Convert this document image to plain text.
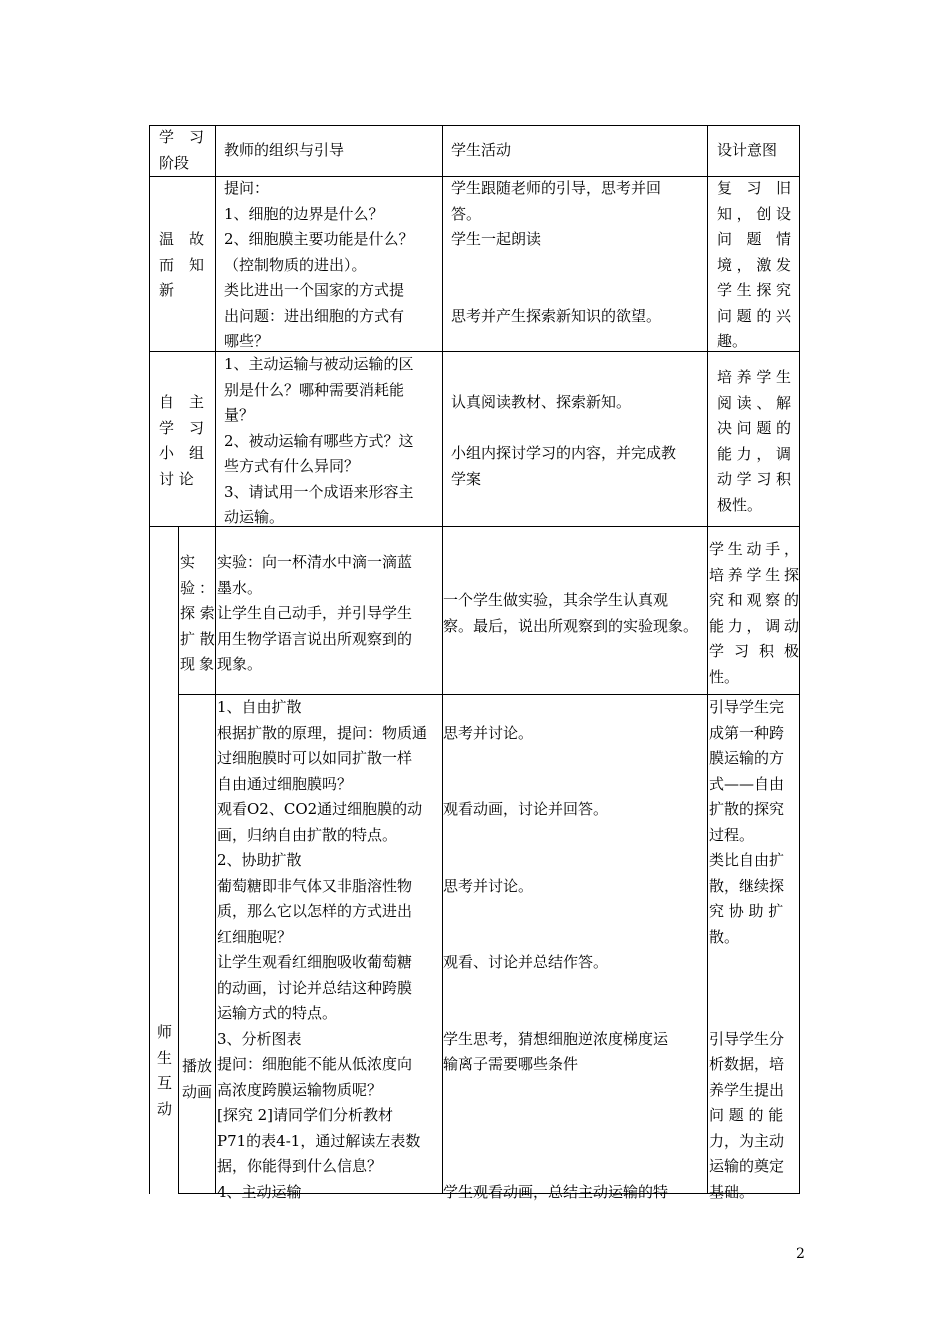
学　习

阶段

教师的组织与引导	学生活动	设计意图

温　故

而　知

新

提问：

1、细胞的边界是什么？

2、细胞膜主要功能是什么？

（控制物质的进出）。

类比进出一个国家的方式提

出问题：进出细胞的方式有

哪些？

学生跟随老师的引导，思考并回

答。

学生一起朗读

思考并产生探索新知识的欲望。

复 习 旧

知，创设

问 题 情

境，激发

学生探究

问题的兴

趣。

自　主

学　习

小　组

讨 论

1、主动运输与被动运输的区

别是什么？哪种需要消耗能

量？

2、被动运输有哪些方式？这

些方式有什么异同？

3、请试用一个成语来形容主

动运输。

认真阅读教材、探索新知。

小组内探讨学习的内容，并完成教

学案

培养学生

阅读、解

决问题的

能力，调

动学习积

极性。

师

生

互

动

实

验：

探 索

扩 散

现象

实验：向一杯清水中滴一滴蓝

墨水。

让学生自己动手，并引导学生

用生物学语言说出所观察到的

现象。

一个学生做实验，其余学生认真观

察。最后，说出所观察到的实验现象。

学生动手，

培养学生探

究和观察的

能力，调动

学 习 积 极

性。

播放

动画

1、自由扩散

根据扩散的原理，提问：物质通

过细胞膜时可以如同扩散一样

自由通过细胞膜吗？

观看O2、CO2通过细胞膜的动

画，归纳自由扩散的特点。

2、协助扩散

葡萄糖即非气体又非脂溶性物

质，那么它以怎样的方式进出

红细胞呢？

让学生观看红细胞吸收葡萄糖

的动画，讨论并总结这种跨膜

运输方式的特点。

3、分析图表

提问：细胞能不能从低浓度向

高浓度跨膜运输物质呢？

[探究 2]请同学们分析教材

P71的表4-1，通过解读左表数

据，你能得到什么信息？

4、主动运输

思考并讨论。

观看动画，讨论并回答。

思考并讨论。

观看、讨论并总结作答。

学生思考，猜想细胞逆浓度梯度运

输离子需要哪些条件

学生观看动画，总结主动运输的特

引导学生完

成第一种跨

膜运输的方

式——自由

扩散的探究

过程。

类比自由扩

散，继续探

究 协 助 扩

散。

引导学生分

析数据，培

养学生提出

问 题 的 能

力，为主动

运输的奠定

基础。

2
